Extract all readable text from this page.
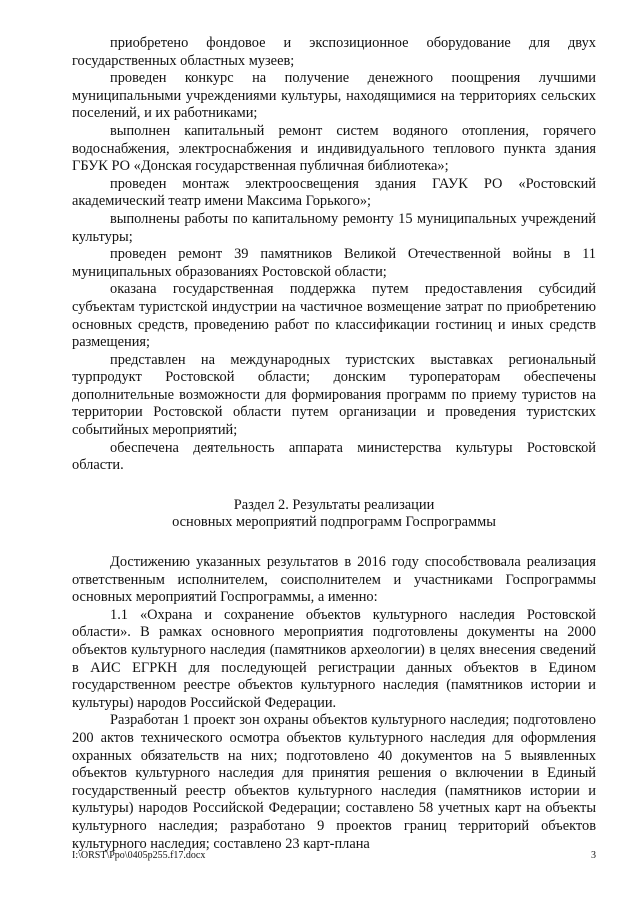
приобретено фондовое и экспозиционное оборудование для двух государственных областных музеев;

проведен конкурс на получение денежного поощрения лучшими муниципальными учреждениями культуры, находящимися на территориях сельских поселений, и их работниками;

выполнен капитальный ремонт систем водяного отопления, горячего водоснабжения, электроснабжения и индивидуального теплового пункта здания ГБУК РО «Донская государственная публичная библиотека»;

проведен монтаж электроосвещения здания ГАУК РО «Ростовский академический театр имени Максима Горького»;

выполнены работы по капитальному ремонту 15 муниципальных учреждений культуры;

проведен ремонт 39 памятников Великой Отечественной войны в 11 муниципальных образованиях Ростовской области;

оказана государственная поддержка путем предоставления субсидий субъектам туристской индустрии на частичное возмещение затрат по приобретению основных средств, проведению работ по классификации гостиниц и иных средств размещения;

представлен на международных туристских выставках региональный турпродукт Ростовской области; донским туроператорам обеспечены дополнительные возможности для формирования программ по приему туристов на территории Ростовской области путем организации и проведения туристских событийных мероприятий;

обеспечена деятельность аппарата министерства культуры Ростовской области.

Раздел 2. Результаты реализации
основных мероприятий подпрограмм Госпрограммы

Достижению указанных результатов в 2016 году способствовала реализация ответственным исполнителем, соисполнителем и участниками Госпрограммы основных мероприятий Госпрограммы, а именно:

1.1 «Охрана и сохранение объектов культурного наследия Ростовской области». В рамках основного мероприятия подготовлены документы на 2000 объектов культурного наследия (памятников археологии) в целях внесения сведений в АИС ЕГРКН для последующей регистрации данных объектов в Едином государственном реестре объектов культурного наследия (памятников истории и культуры) народов Российской Федерации.

Разработан 1 проект зон охраны объектов культурного наследия; подготовлено 200 актов технического осмотра объектов культурного наследия для оформления охранных обязательств на них; подготовлено 40 документов на 5 выявленных объектов культурного наследия для принятия решения о включении в Единый государственный реестр объектов культурного наследия (памятников истории и культуры) народов Российской Федерации; составлено 58 учетных карт на объекты культурного наследия; разработано 9 проектов границ территорий объектов культурного наследия; составлено 23 карт-плана

I:\ORST\Ppo\0405p255.f17.docx	3
